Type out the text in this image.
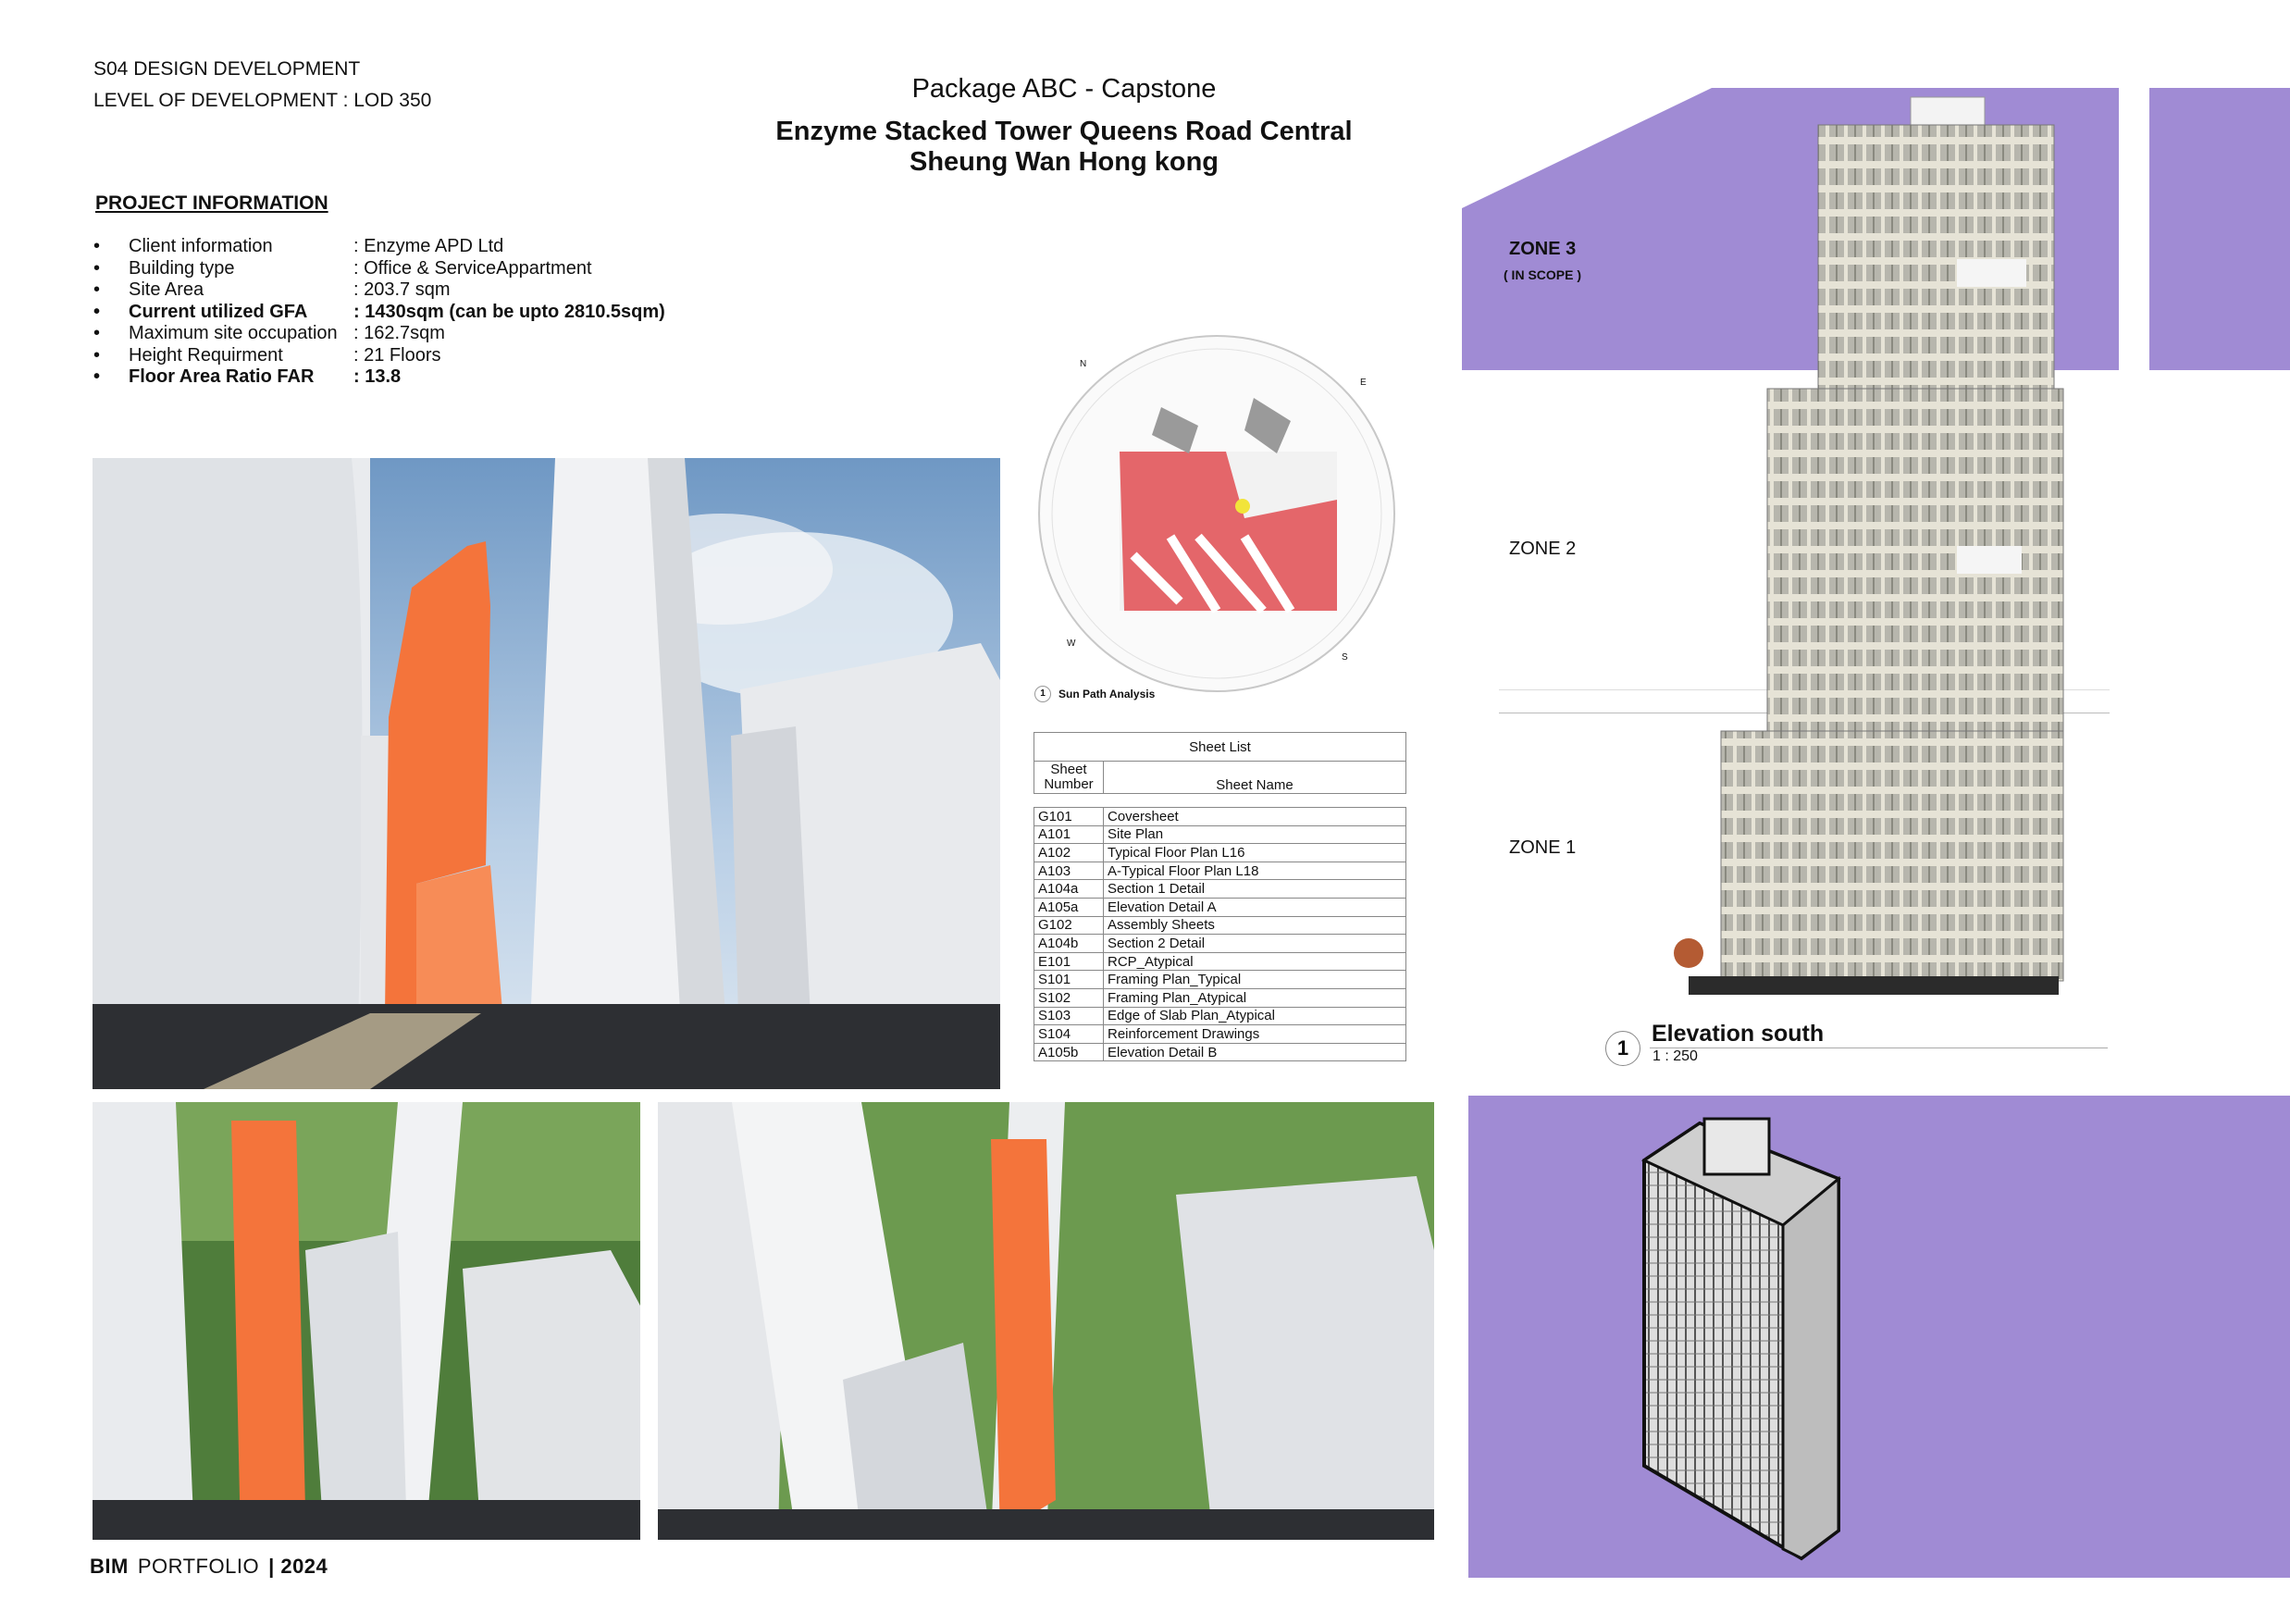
S04 DESIGN DEVELOPMENT
LEVEL OF DEVELOPMENT : LOD 350	Package ABC - Capstone
Enzyme Stacked Tower Queens Road Central
Sheung Wan Hong kong
PROJECT INFORMATION
•	Client information	: Enzyme APD Ltd
•	Building type	: Office & ServiceAppartment
•	Site Area	: 203.7 sqm
•	Current utilized GFA	: 1430sqm (can be upto 2810.5sqm)
•	Maximum site occupation : 162.7sqm
•	Height Requirment	: 21 Floors
•	Floor Area Ratio FAR	: 13.8
N
E
S
W
1	Sun Path Analysis
Sheet List
Sheet Number	Sheet Name
G101	Coversheet
A101	Site Plan
A102	Typical Floor Plan L16
A103	A-Typical Floor Plan L18
A104a	Section 1 Detail
A105a	Elevation Detail A
G102	Assembly Sheets
A104b	Section 2 Detail
E101	RCP_Atypical
S101	Framing Plan_Typical
S102	Framing Plan_Atypical
S103	Edge of Slab Plan_Atypical
S104	Reinforcement Drawings
A105b	Elevation Detail B
ZONE 3
( IN SCOPE )
ZONE 2
ZONE 1
1
Elevation south
1 : 250
BIM PORTFOLIO | 2024
